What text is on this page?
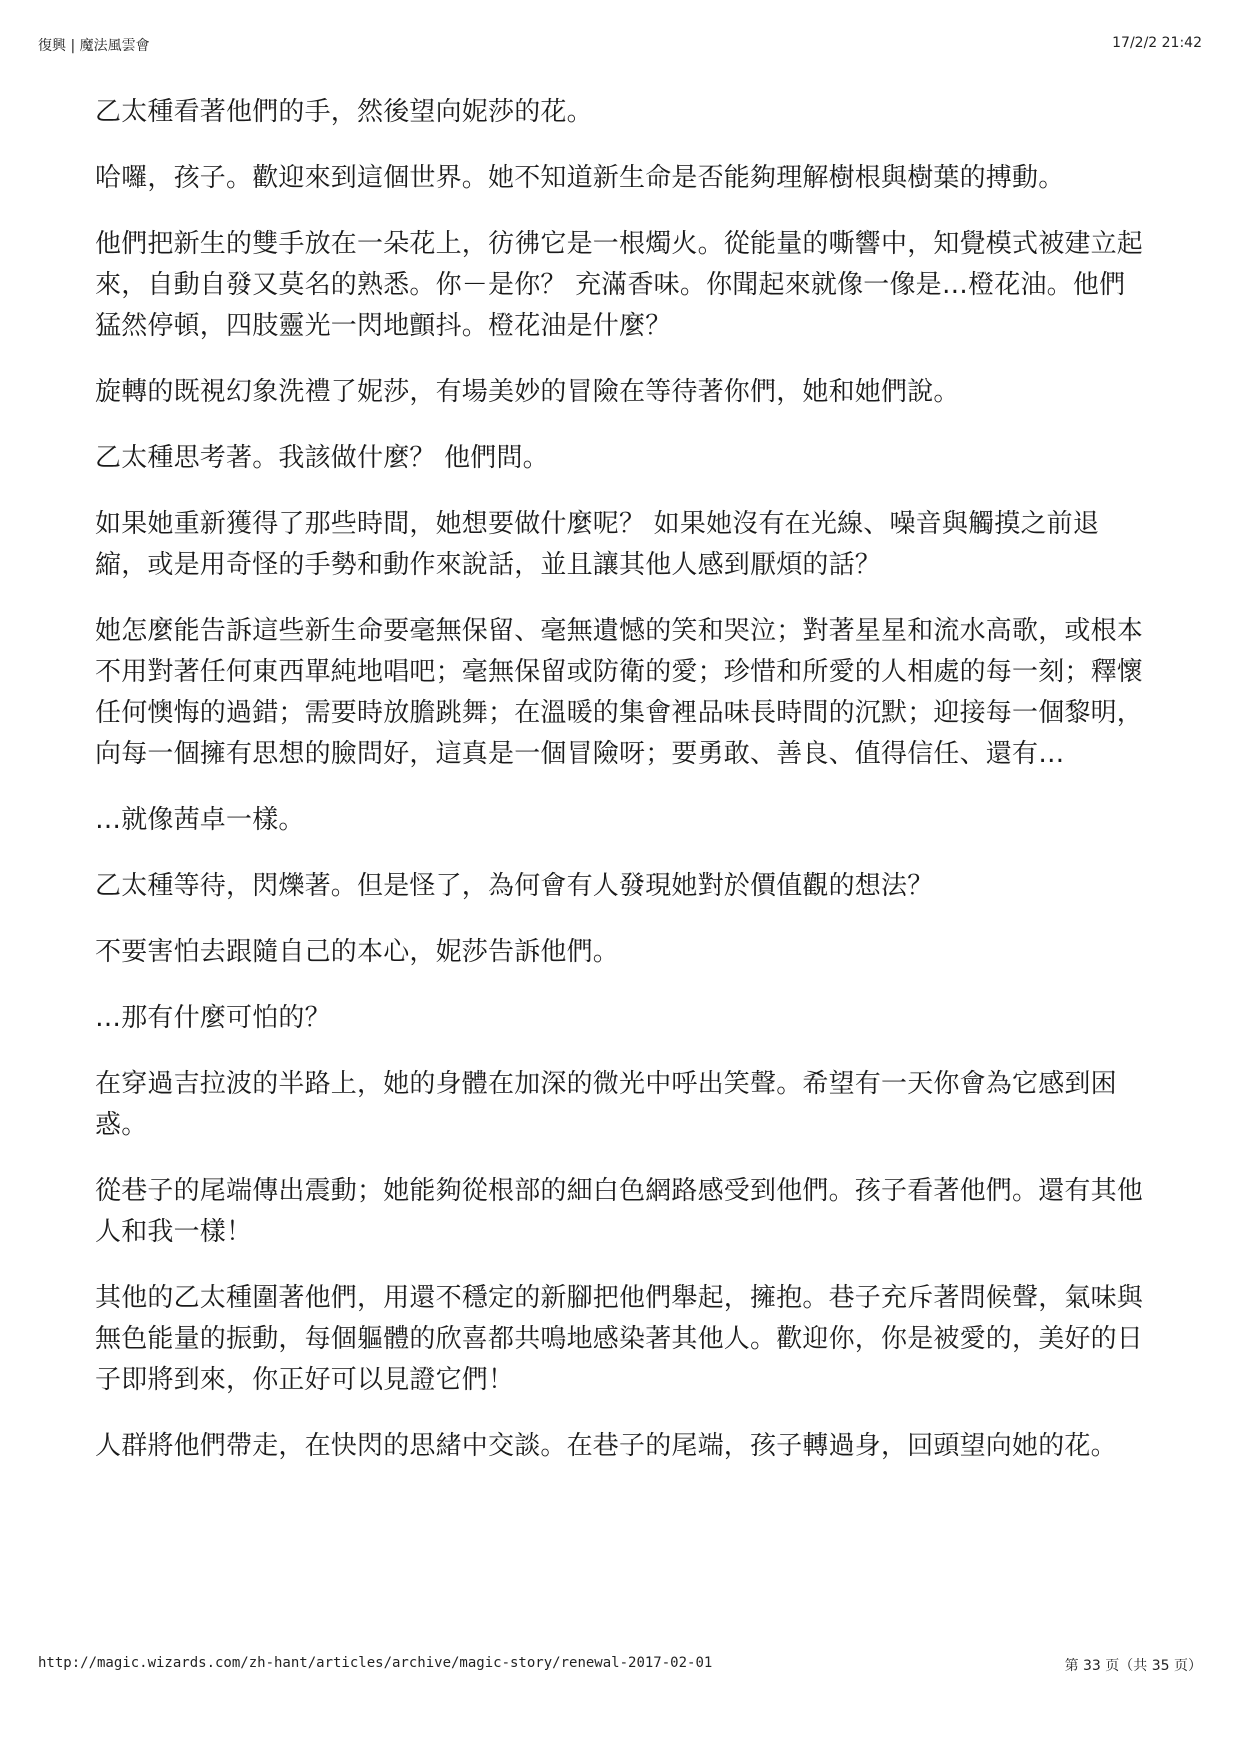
復興 | 魔法風雲會	17/2/2 21:42

乙太種看著他們的手，然後望向妮莎的花。

哈囉，孩子。歡迎來到這個世界。她不知道新生命是否能夠理解樹根與樹葉的搏動。

他們把新生的雙手放在一朵花上，彷彿它是一根燭火。從能量的嘶響中，知覺模式被建立起來，自動自發又莫名的熟悉。你－是你？ 充滿香味。你聞起來就像一像是…橙花油。他們猛然停頓，四肢靈光一閃地顫抖。橙花油是什麼？

旋轉的既視幻象洗禮了妮莎，有場美妙的冒險在等待著你們，她和她們說。

乙太種思考著。我該做什麼？ 他們問。

如果她重新獲得了那些時間，她想要做什麼呢？ 如果她沒有在光線、噪音與觸摸之前退縮，或是用奇怪的手勢和動作來說話，並且讓其他人感到厭煩的話？

她怎麼能告訴這些新生命要毫無保留、毫無遺憾的笑和哭泣；對著星星和流水高歌，或根本不用對著任何東西單純地唱吧；毫無保留或防衛的愛；珍惜和所愛的人相處的每一刻；釋懷任何懊悔的過錯；需要時放膽跳舞；在溫暖的集會裡品味長時間的沉默；迎接每一個黎明，向每一個擁有思想的臉問好，這真是一個冒險呀；要勇敢、善良、值得信任、還有…

…就像茜卓一樣。

乙太種等待，閃爍著。但是怪了，為何會有人發現她對於價值觀的想法？

不要害怕去跟隨自己的本心，妮莎告訴他們。

…那有什麼可怕的？

在穿過吉拉波的半路上，她的身體在加深的微光中呼出笑聲。希望有一天你會為它感到困惑。

從巷子的尾端傳出震動；她能夠從根部的細白色網路感受到他們。孩子看著他們。還有其他人和我一樣！

其他的乙太種圍著他們，用還不穩定的新腳把他們舉起，擁抱。巷子充斥著問候聲，氣味與無色能量的振動，每個軀體的欣喜都共鳴地感染著其他人。歡迎你，你是被愛的，美好的日子即將到來，你正好可以見證它們！

人群將他們帶走，在快閃的思緒中交談。在巷子的尾端，孩子轉過身，回頭望向她的花。

http://magic.wizards.com/zh-hant/articles/archive/magic-story/renewal-2017-02-01	第 33 页（共 35 页）
